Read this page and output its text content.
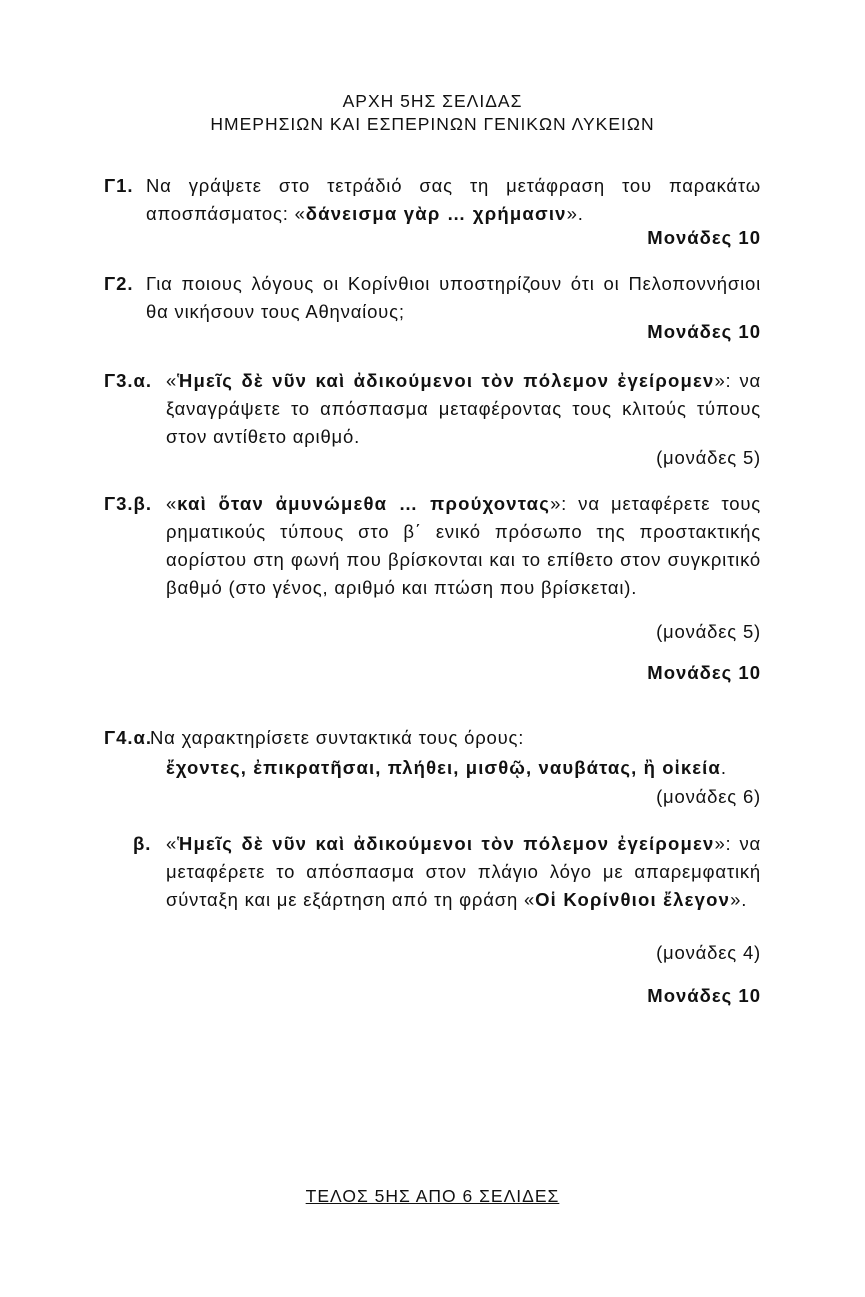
ΑΡΧΗ 5ΗΣ ΣΕΛΙΔΑΣ
ΗΜΕΡΗΣΙΩΝ ΚΑΙ ΕΣΠΕΡΙΝΩΝ ΓΕΝΙΚΩΝ ΛΥΚΕΙΩΝ
Γ1. Να γράψετε στο τετράδιό σας τη μετάφραση του παρακάτω αποσπάσματος: «δάνεισμα γὰρ … χρήμασιν».
Μονάδες 10
Γ2. Για ποιους λόγους οι Κορίνθιοι υποστηρίζουν ότι οι Πελοποννήσιοι θα νικήσουν τους Αθηναίους;
Μονάδες 10
Γ3.α. «Ἡμεῖς δὲ νῦν καὶ ἀδικούμενοι τὸν πόλεμον ἐγείρομεν»: να ξαναγράψετε το απόσπασμα μεταφέροντας τους κλιτούς τύπους στον αντίθετο αριθμό.
(μονάδες 5)
Γ3.β. «καὶ ὅταν ἀμυνώμεθα … προύχοντας»: να μεταφέρετε τους ρηματικούς τύπους στο β΄ ενικό πρόσωπο της προστακτικής αορίστου στη φωνή που βρίσκονται και το επίθετο στον συγκριτικό βαθμό (στο γένος, αριθμό και πτώση που βρίσκεται).
(μονάδες 5)
Μονάδες 10
Γ4.α.
Να χαρακτηρίσετε συντακτικά τους όρους:
ἔχοντες, ἐπικρατῆσαι, πλήθει, μισθῷ, ναυβάτας, ἢ οἰκεία.
(μονάδες 6)
β. «Ἡμεῖς δὲ νῦν καὶ ἀδικούμενοι τὸν πόλεμον ἐγείρομεν»: να μεταφέρετε το απόσπασμα στον πλάγιο λόγο με απαρεμφατική σύνταξη και με εξάρτηση από τη φράση «Οἱ Κορίνθιοι ἔλεγον».
(μονάδες 4)
Μονάδες 10
ΤΕΛΟΣ 5ΗΣ ΑΠΟ 6 ΣΕΛΙΔΕΣ
